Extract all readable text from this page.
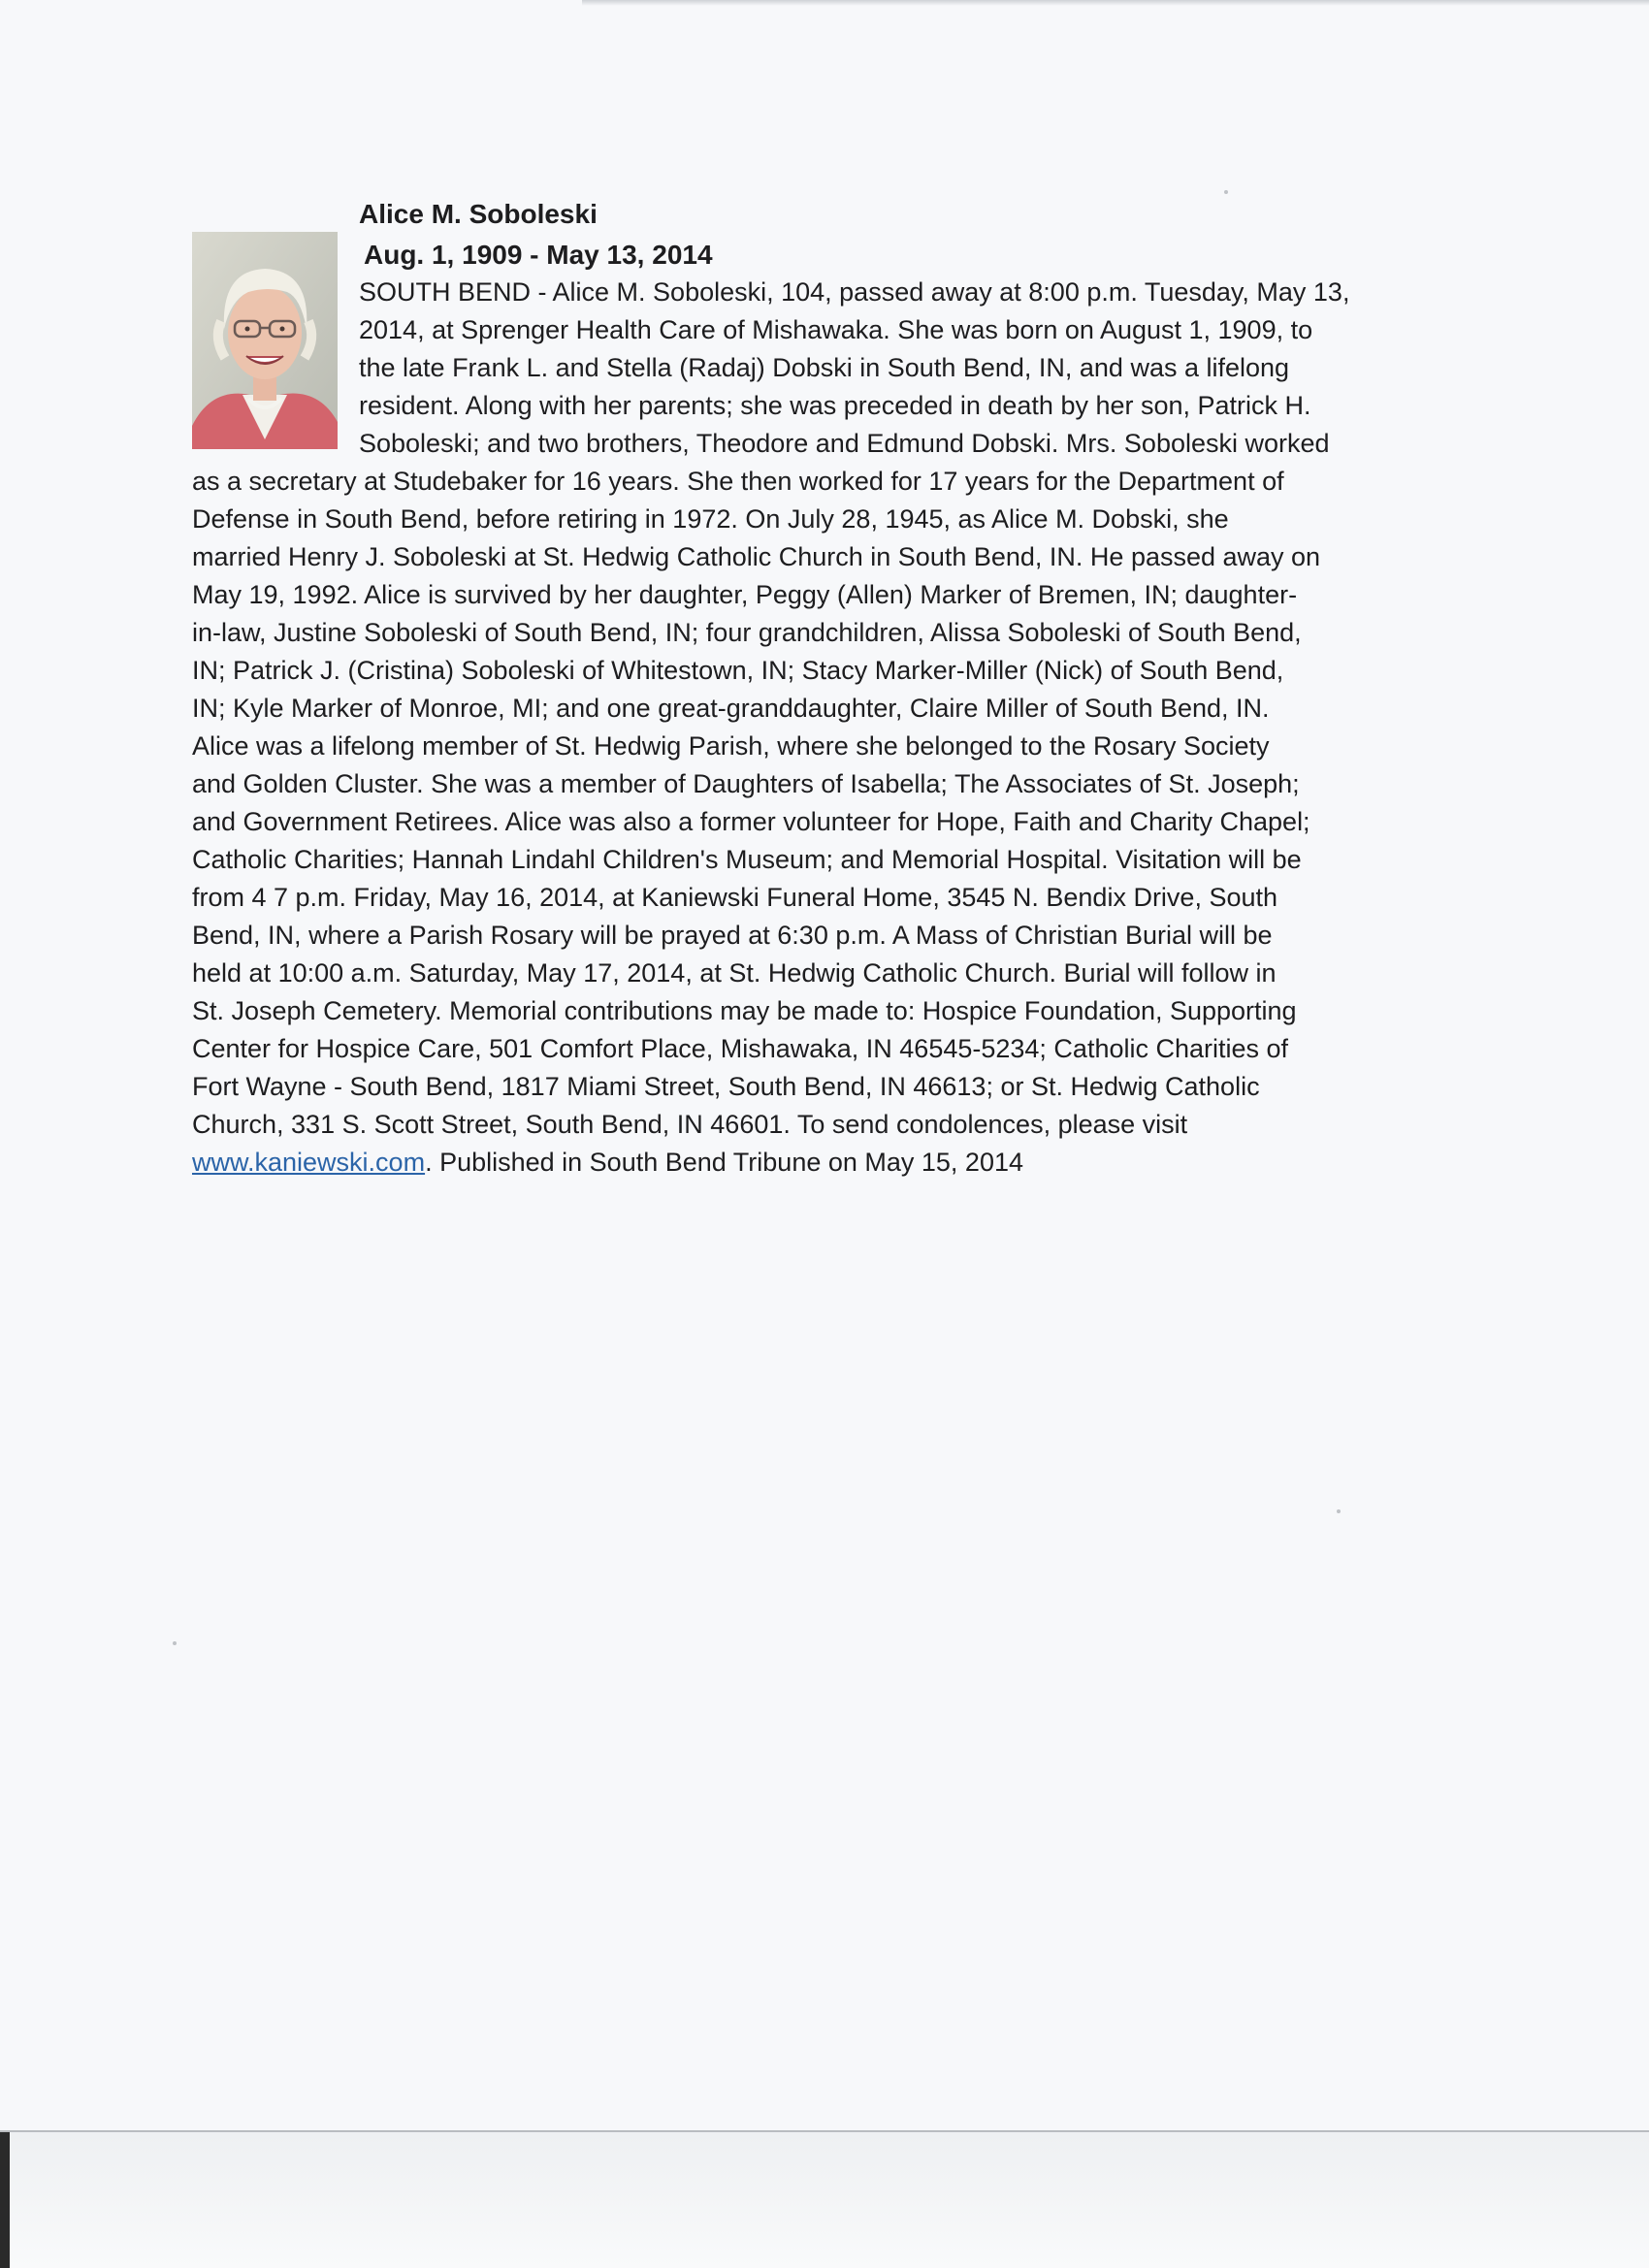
Alice M. Soboleski
Aug. 1, 1909 - May 13, 2014

SOUTH BEND - Alice M. Soboleski, 104, passed away at 8:00 p.m. Tuesday, May 13,

2014, at Sprenger Health Care of Mishawaka. She was born on August 1, 1909, to

the late Frank L. and Stella (Radaj) Dobski in South Bend, IN, and was a lifelong

resident. Along with her parents; she was preceded in death by her son, Patrick H.

Soboleski; and two brothers, Theodore and Edmund Dobski. Mrs. Soboleski worked

as a secretary at Studebaker for 16 years. She then worked for 17 years for the Department of

Defense in South Bend, before retiring in 1972. On July 28, 1945, as Alice M. Dobski, she

married Henry J. Soboleski at St. Hedwig Catholic Church in South Bend, IN. He passed away on

May 19, 1992. Alice is survived by her daughter, Peggy (Allen) Marker of Bremen, IN; daughter-

in-law, Justine Soboleski of South Bend, IN; four grandchildren, Alissa Soboleski of South Bend,

IN; Patrick J. (Cristina) Soboleski of Whitestown, IN; Stacy Marker-Miller (Nick) of South Bend,

IN; Kyle Marker of Monroe, MI; and one great-granddaughter, Claire Miller of South Bend, IN.

Alice was a lifelong member of St. Hedwig Parish, where she belonged to the Rosary Society

and Golden Cluster. She was a member of Daughters of Isabella; The Associates of St. Joseph;

and Government Retirees. Alice was also a former volunteer for Hope, Faith and Charity Chapel;

Catholic Charities; Hannah Lindahl Children's Museum; and Memorial Hospital. Visitation will be

from 4 7 p.m. Friday, May 16, 2014, at Kaniewski Funeral Home, 3545 N. Bendix Drive, South

Bend, IN, where a Parish Rosary will be prayed at 6:30 p.m. A Mass of Christian Burial will be

held at 10:00 a.m. Saturday, May 17, 2014, at St. Hedwig Catholic Church. Burial will follow in

St. Joseph Cemetery. Memorial contributions may be made to: Hospice Foundation, Supporting

Center for Hospice Care, 501 Comfort Place, Mishawaka, IN 46545-5234; Catholic Charities of

Fort Wayne - South Bend, 1817 Miami Street, South Bend, IN 46613; or St. Hedwig Catholic

Church, 331 S. Scott Street, South Bend, IN 46601. To send condolences, please visit

www.kaniewski.com. Published in South Bend Tribune on May 15, 2014
